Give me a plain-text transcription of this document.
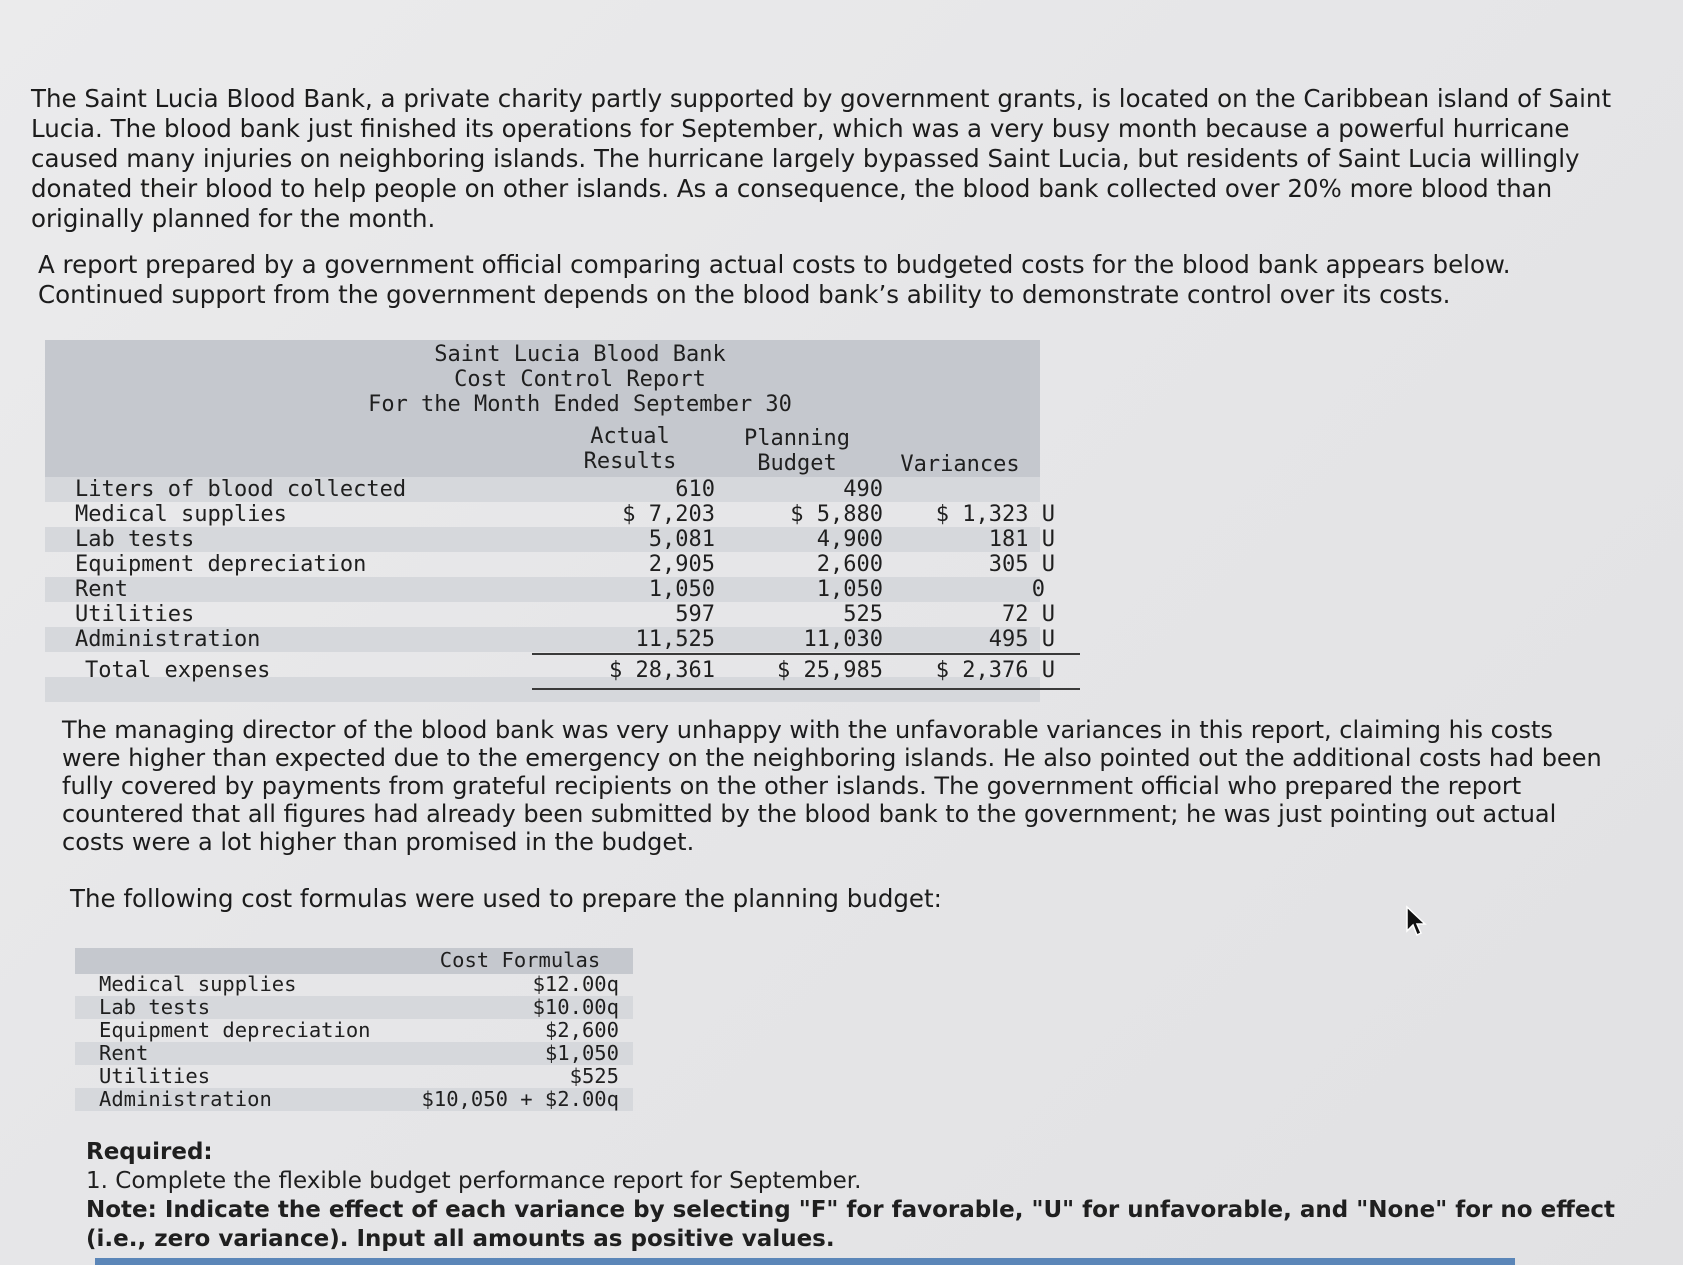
The Saint Lucia Blood Bank, a private charity partly supported by government grants, is located on the Caribbean island of Saint Lucia. The blood bank just finished its operations for September, which was a very busy month because a powerful hurricane caused many injuries on neighboring islands. The hurricane largely bypassed Saint Lucia, but residents of Saint Lucia willingly donated their blood to help people on other islands. As a consequence, the blood bank collected over 20% more blood than originally planned for the month.

A report prepared by a government official comparing actual costs to budgeted costs for the blood bank appears below. Continued support from the government depends on the blood bank’s ability to demonstrate control over its costs.

Saint Lucia Blood Bank
Cost Control Report
For the Month Ended September 30
Actual
Results
Planning
Budget	Variances
Liters of blood collected	610	490
Medical supplies	$ 7,203	$ 5,880	$ 1,323 U
Lab tests	5,081	4,900	181 U
Equipment depreciation	2,905	2,600	305 U
Rent	1,050	1,050	0
Utilities	597	525	72 U
Administration	11,525	11,030	495 U
Total expenses	$ 28,361	$ 25,985	$ 2,376 U

The managing director of the blood bank was very unhappy with the unfavorable variances in this report, claiming his costs were higher than expected due to the emergency on the neighboring islands. He also pointed out the additional costs had been fully covered by payments from grateful recipients on the other islands. The government official who prepared the report countered that all figures had already been submitted by the blood bank to the government; he was just pointing out actual costs were a lot higher than promised in the budget.

The following cost formulas were used to prepare the planning budget:

Cost Formulas
Medical supplies	$12.00q
Lab tests	$10.00q
Equipment depreciation	$2,600
Rent	$1,050
Utilities	$525
Administration	$10,050 + $2.00q
Required:
1. Complete the flexible budget performance report for September.
Note: Indicate the effect of each variance by selecting "F" for favorable, "U" for unfavorable, and "None" for no effect (i.e., zero variance). Input all amounts as positive values.
